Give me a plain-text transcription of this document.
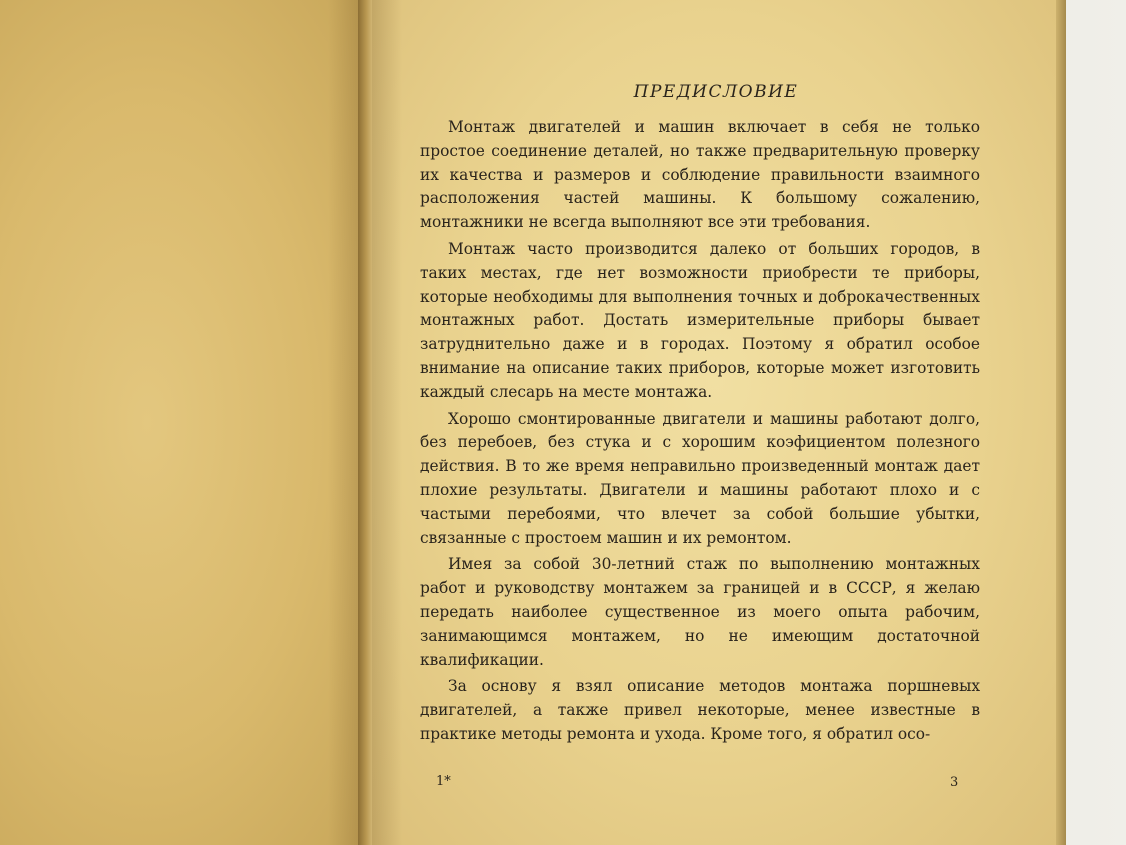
ПРЕДИСЛОВИЕ

Монтаж двигателей и машин включает в себя не только простое соединение деталей, но также предварительную проверку их качества и размеров и соблюдение правильности взаимного расположения частей машины. К большому сожалению, монтажники не всегда выполняют все эти требования.

Монтаж часто производится далеко от больших городов, в таких местах, где нет возможности приобрести те приборы, которые необходимы для выполнения точных и доброкачественных монтажных работ. Достать измерительные приборы бывает затруднительно даже и в городах. Поэтому я обратил особое внимание на описание таких приборов, которые может изготовить каждый слесарь на месте монтажа.

Хорошо смонтированные двигатели и машины работают долго, без перебоев, без стука и с хорошим коэфициентом полезного действия. В то же время неправильно произведенный монтаж дает плохие результаты. Двигатели и машины работают плохо и с частыми перебоями, что влечет за собой большие убытки, связанные с простоем машин и их ремонтом.

Имея за собой 30-летний стаж по выполнению монтажных работ и руководству монтажем за границей и в СССР, я желаю передать наиболее существенное из моего опыта рабочим, занимающимся монтажем, но не имеющим достаточной квалификации.

За основу я взял описание методов монтажа поршневых двигателей, а также привел некоторые, менее известные в практике методы ремонта и ухода. Кроме того, я обратил осо-

1*	3
